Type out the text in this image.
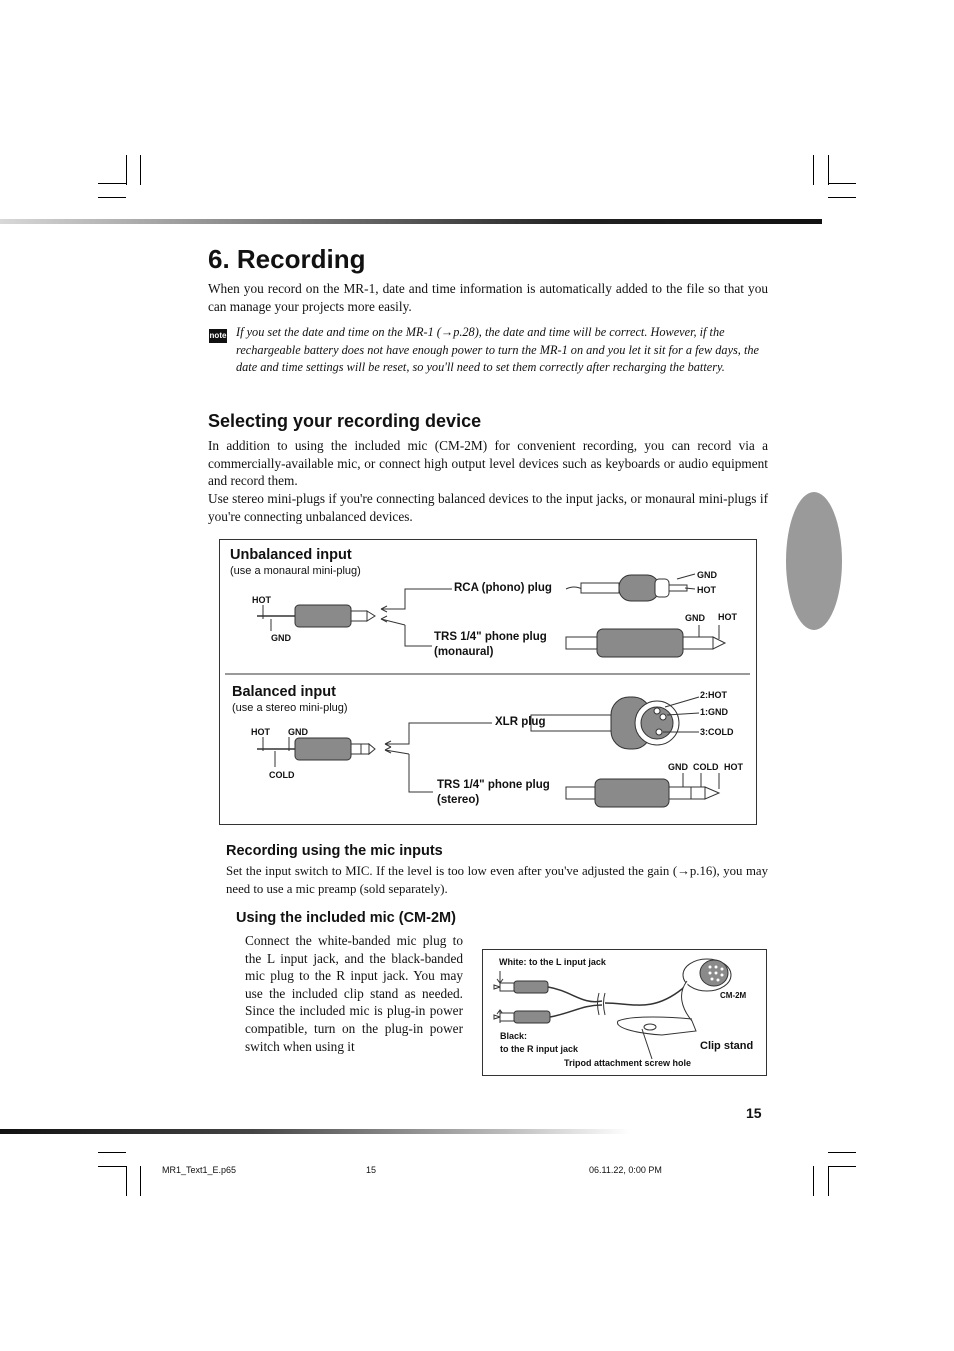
6. Recording
When you record on the MR-1, date and time information is automatically added to the file so that you can manage your projects more easily.
note If you set the date and time on the MR-1 (→p.28), the date and time will be correct. However, if the rechargeable battery does not have enough power to turn the MR-1 on and you let it sit for a few days, the date and time settings will be reset, so you'll need to set them correctly after recharging the battery.
Selecting your recording device
In addition to using the included mic (CM-2M) for convenient recording, you can record via a commercially-available mic, or connect high output level devices such as keyboards or audio equipment and record them.
Use stereo mini-plugs if you're connecting balanced devices to the input jacks, or monaural mini-plugs if you're connecting unbalanced devices.
Unbalanced input
(use a monaural mini-plug)
HOT
GND
RCA (phono) plug
GND
HOT
TRS 1/4" phone plug
(monaural)
GND HOT
Balanced input
(use a stereo mini-plug)
HOT GND
COLD
XLR plug
2:HOT
1:GND
3:COLD
TRS 1/4" phone plug
(stereo)
GND COLD HOT
Recording using the mic inputs
Set the input switch to MIC. If the level is too low even after you've adjusted the gain (→p.16), you may need to use a mic preamp (sold separately).
Using the included mic (CM-2M)
Connect the white-banded mic plug to the L input jack, and the black-banded mic plug to the R input jack. You may use the included clip stand as needed. Since the included mic is plug-in power compatible, turn on the plug-in power switch when using it
White: to the L input jack
Black:
to the R input jack
CM-2M
Clip stand
Tripod attachment screw hole
15
MR1_Text1_E.p65	15	06.11.22, 0:00 PM
